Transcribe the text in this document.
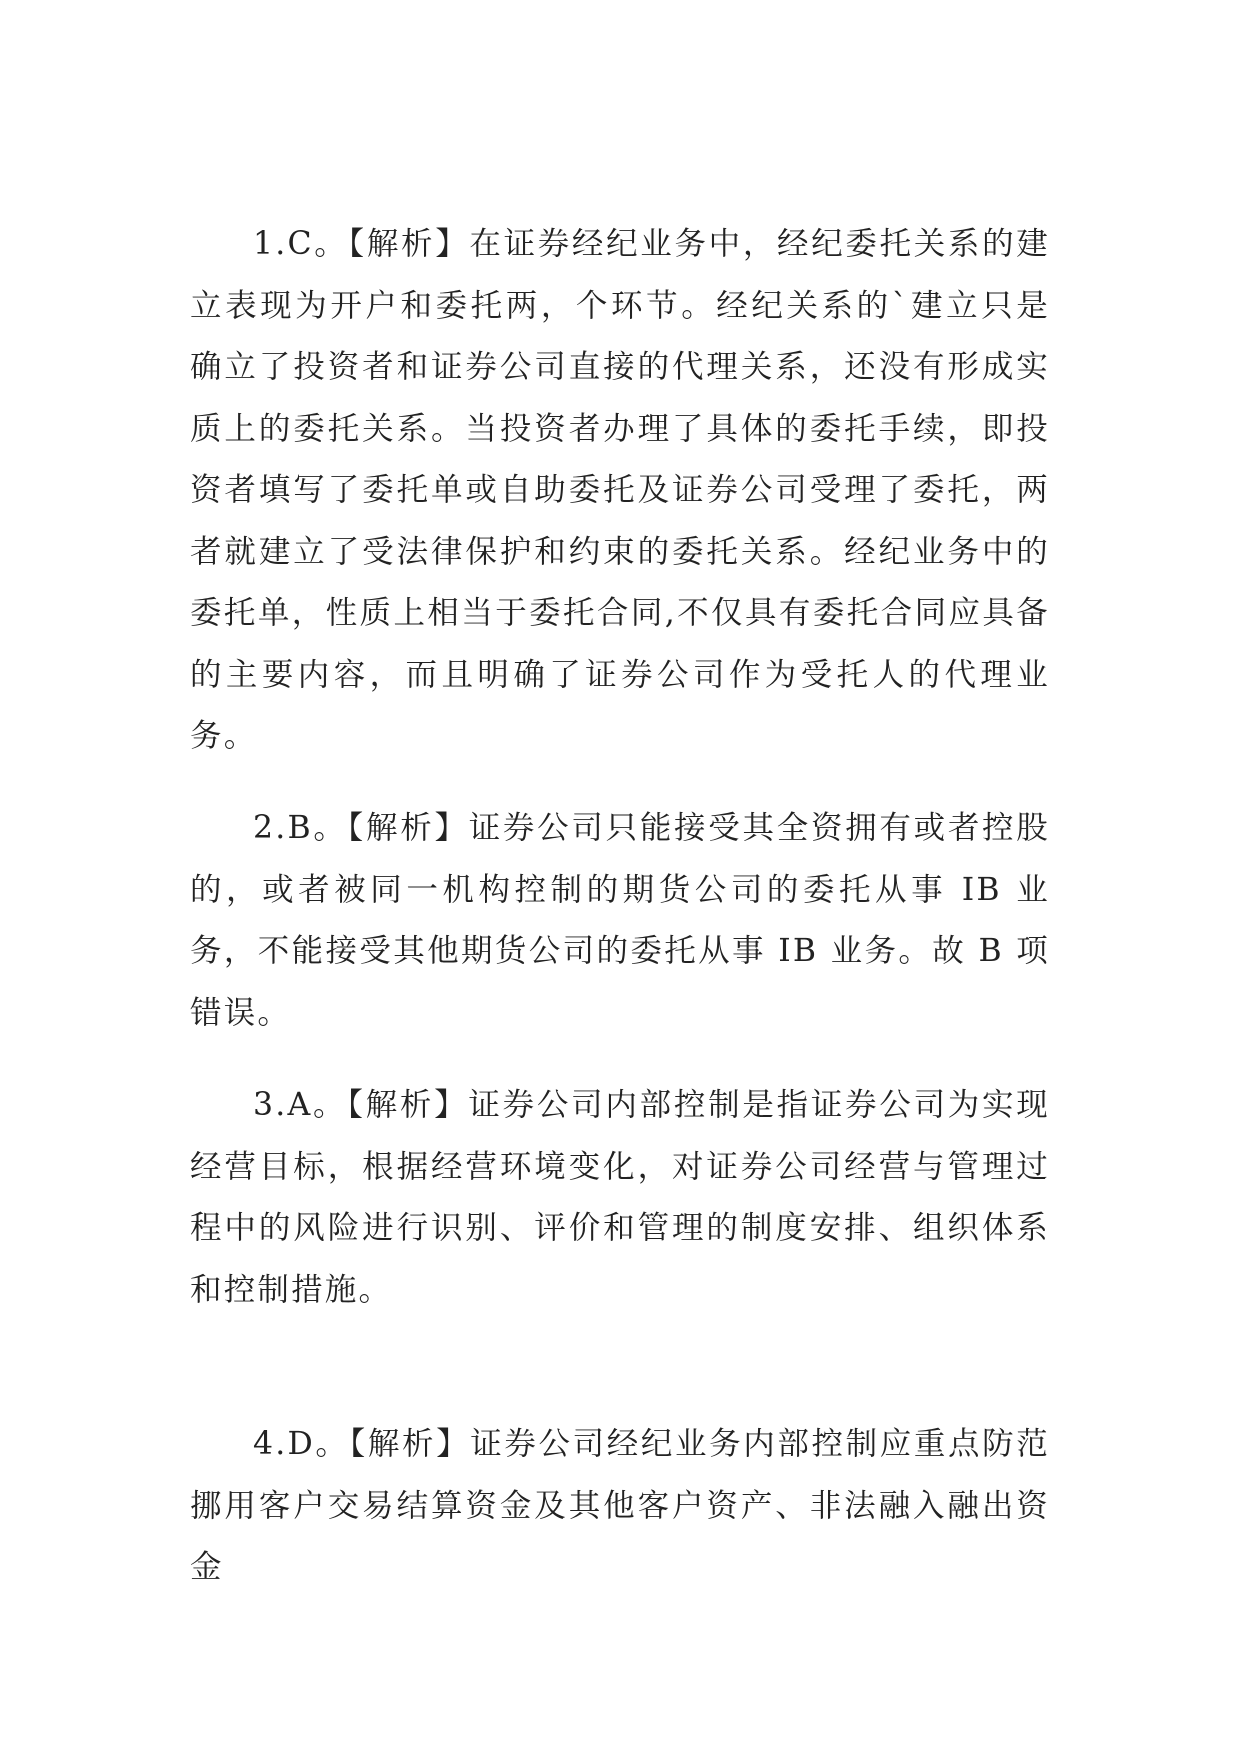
1.C。【解析】在证券经纪业务中，经纪委托关系的建立表现为开户和委托两，个环节。经纪关系的`建立只是确立了投资者和证券公司直接的代理关系，还没有形成实质上的委托关系。当投资者办理了具体的委托手续，即投资者填写了委托单或自助委托及证券公司受理了委托，两者就建立了受法律保护和约束的委托关系。经纪业务中的委托单，性质上相当于委托合同,不仅具有委托合同应具备的主要内容，而且明确了证券公司作为受托人的代理业务。

2.B。【解析】证券公司只能接受其全资拥有或者控股的，或者被同一机构控制的期货公司的委托从事 IB 业务，不能接受其他期货公司的委托从事 IB 业务。故 B 项错误。

3.A。【解析】证券公司内部控制是指证券公司为实现经营目标，根据经营环境变化，对证券公司经营与管理过程中的风险进行识别、评价和管理的制度安排、组织体系和控制措施。

4.D。【解析】证券公司经纪业务内部控制应重点防范挪用客户交易结算资金及其他客户资产、非法融入融出资金
